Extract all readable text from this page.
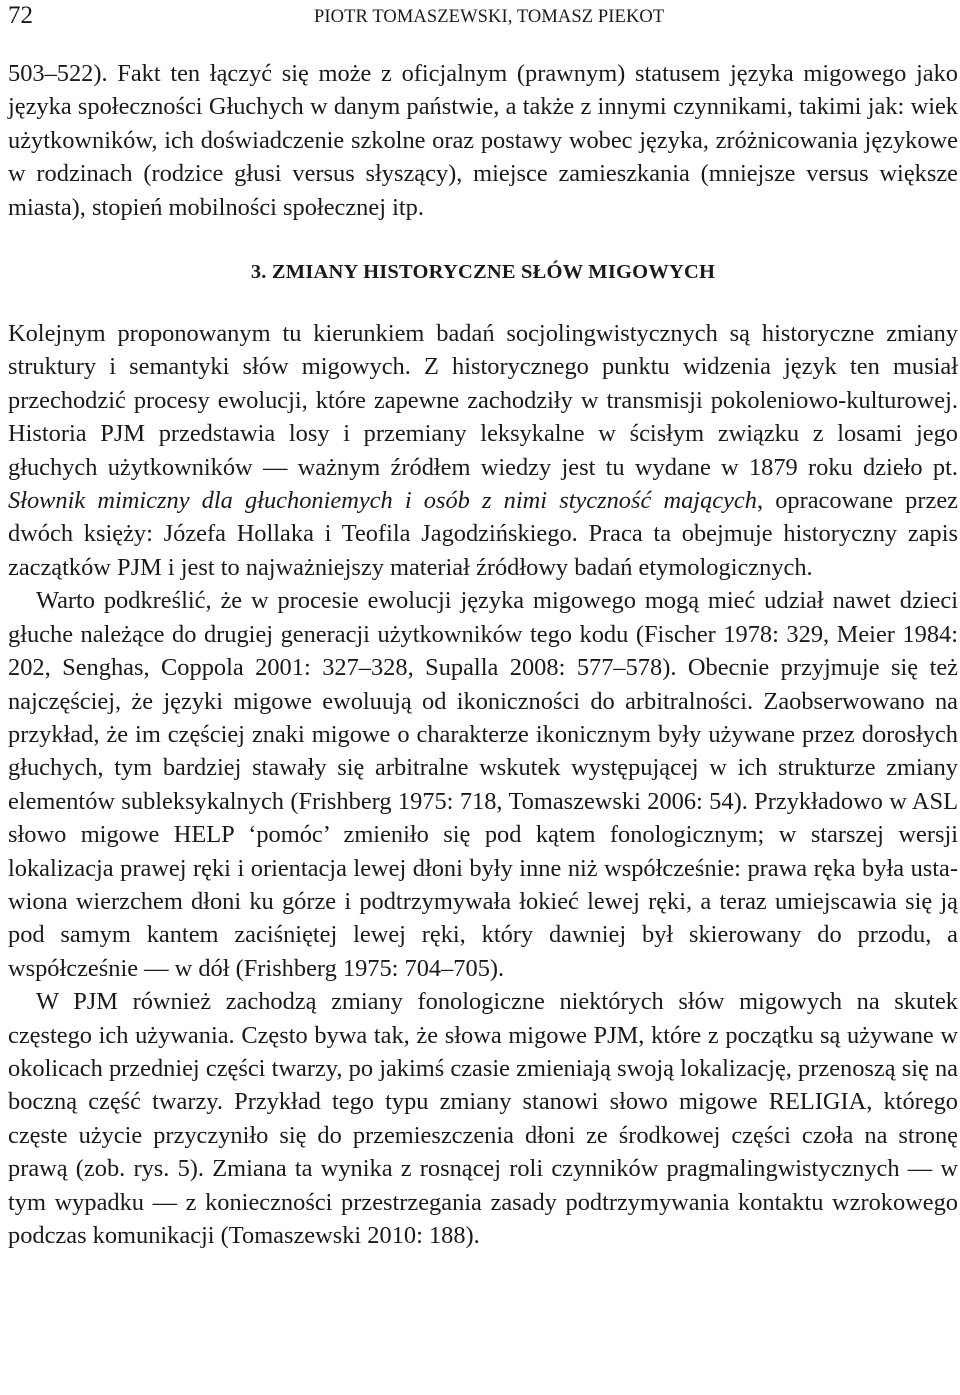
72	PIOTR TOMASZEWSKI, TOMASZ PIEKOT

503–522). Fakt ten łączyć się może z oficjalnym (prawnym) statusem języka migowego jako języka społeczności Głuchych w danym państwie, a także z innymi czynnikami, takimi jak: wiek użytkowników, ich doświadczenie szkolne oraz postawy wobec języka, zróżnicowania językowe w rodzinach (rodzice głusi versus słyszący), miejsce zamieszkania (mniejsze versus większe miasta), stopień mobilności społecznej itp.

3. ZMIANY HISTORYCZNE SŁÓW MIGOWYCH

Kolejnym proponowanym tu kierunkiem badań socjolingwistycznych są historyczne zmiany struktury i semantyki słów migowych. Z historycznego punktu widzenia język ten musiał przechodzić procesy ewolucji, które zapewne zachodziły w transmisji pokoleniowo-kulturowej. Historia PJM przedstawia losy i przemiany leksykalne w ścisłym związku z losami jego głuchych użytkowników — ważnym źródłem wiedzy jest tu wydane w 1879 roku dzieło pt. Słownik mimiczny dla głuchoniemych i osób z nimi styczność mających, opracowane przez dwóch księży: Józefa Hollaka i Teofila Jagodzińskiego. Praca ta obejmuje historyczny zapis zaczątków PJM i jest to najważniejszy materiał źródłowy badań etymologicznych.

Warto podkreślić, że w procesie ewolucji języka migowego mogą mieć udział nawet dzieci głuche należące do drugiej generacji użytkowników tego kodu (Fischer 1978: 329, Meier 1984: 202, Senghas, Coppola 2001: 327–328, Supalla 2008: 577–578). Obecnie przyjmuje się też najczęściej, że języki migowe ewoluują od ikoniczności do arbitralności. Zaobserwowano na przykład, że im częściej znaki migowe o charakterze ikonicznym były używane przez dorosłych głuchych, tym bardziej stawały się arbitralne wskutek występującej w ich strukturze zmiany elementów subleksykalnych (Frishberg 1975: 718, Tomaszewski 2006: 54). Przykładowo w ASL słowo migowe HELP ‘pomóc’ zmieniło się pod kątem fonologicznym; w starszej wersji lokalizacja prawej ręki i orientacja lewej dłoni były inne niż współcześnie: prawa ręka była ustawiona wierzchem dłoni ku górze i podtrzymywała łokieć lewej ręki, a teraz umiejscawia się ją pod samym kantem zaciśniętej lewej ręki, który dawniej był skierowany do przodu, a współcześnie — w dół (Frishberg 1975: 704–705).

W PJM również zachodzą zmiany fonologiczne niektórych słów migowych na skutek częstego ich używania. Często bywa tak, że słowa migowe PJM, które z początku są używane w okolicach przedniej części twarzy, po jakimś czasie zmieniają swoją lokalizację, przenoszą się na boczną część twarzy. Przykład tego typu zmiany stanowi słowo migowe RELIGIA, którego częste użycie przyczyniło się do przemieszczenia dłoni ze środkowej części czoła na stronę prawą (zob. rys. 5). Zmiana ta wynika z rosnącej roli czynników pragmalingwistycznych — w tym wypadku — z konieczności przestrzegania zasady podtrzymywania kontaktu wzrokowego podczas komunikacji (Tomaszewski 2010: 188).
